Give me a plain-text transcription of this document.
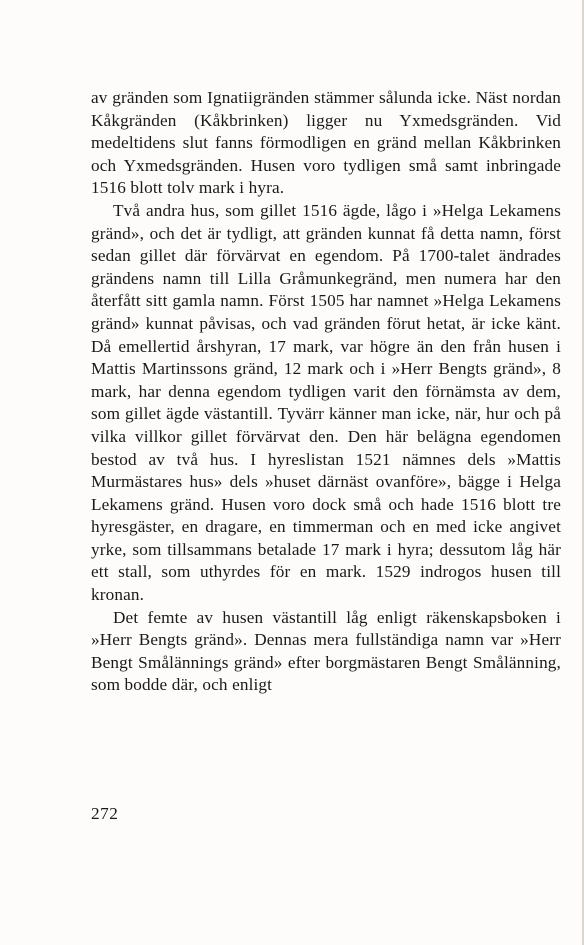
av gränden som Ignatiigränden stämmer sålunda icke. Näst nordan Kåkgränden (Kåkbrinken) ligger nu Yxmedsgränden. Vid medeltidens slut fanns förmodligen en gränd mellan Kåkbrinken och Yxmedsgränden. Husen voro tydligen små samt inbringade 1516 blott tolv mark i hyra.

Två andra hus, som gillet 1516 ägde, lågo i »Helga Lekamens gränd», och det är tydligt, att gränden kunnat få detta namn, först sedan gillet där förvärvat en egendom. På 1700-talet ändrades grändens namn till Lilla Gråmunkegränd, men numera har den återfått sitt gamla namn. Först 1505 har namnet »Helga Lekamens gränd» kunnat påvisas, och vad gränden förut hetat, är icke känt. Då emellertid årshyran, 17 mark, var högre än den från husen i Mattis Martinssons gränd, 12 mark och i »Herr Bengts gränd», 8 mark, har denna egendom tydligen varit den förnämsta av dem, som gillet ägde västantill. Tyvärr känner man icke, när, hur och på vilka villkor gillet förvärvat den. Den här belägna egendomen bestod av två hus. I hyreslistan 1521 nämnes dels »Mattis Murmästares hus» dels »huset därnäst ovanföre», bägge i Helga Lekamens gränd. Husen voro dock små och hade 1516 blott tre hyresgäster, en dragare, en timmerman och en med icke angivet yrke, som tillsammans betalade 17 mark i hyra; dessutom låg här ett stall, som uthyrdes för en mark. 1529 indrogos husen till kronan.

Det femte av husen västantill låg enligt räkenskapsboken i »Herr Bengts gränd». Dennas mera fullständiga namn var »Herr Bengt Smålännings gränd» efter borgmästaren Bengt Smålänning, som bodde där, och enligt

272
